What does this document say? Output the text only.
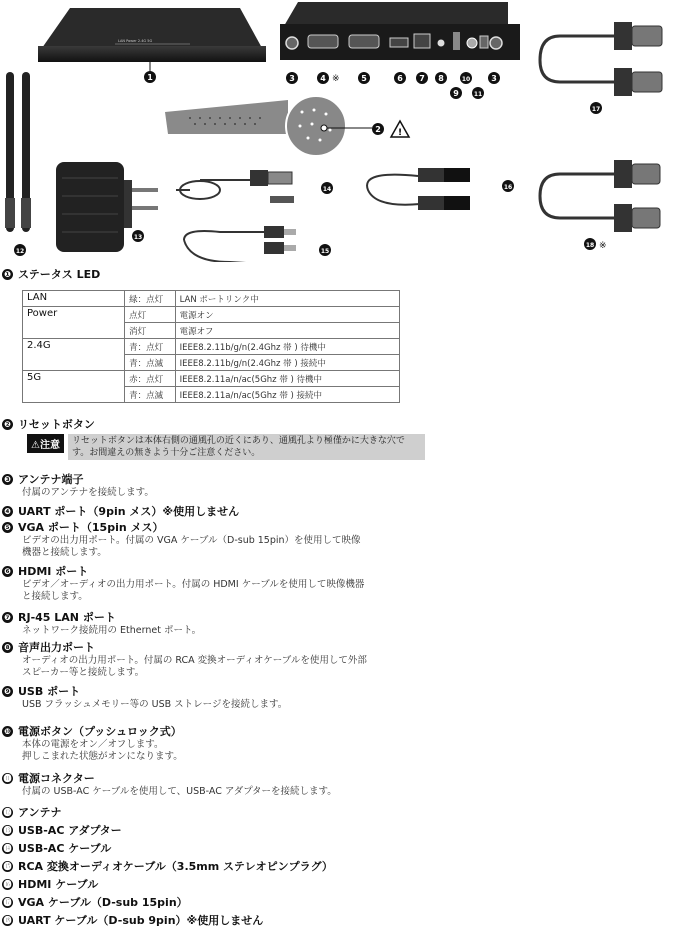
LAN Power 2.4G 5G
1	3	4	5	6 7 8
9
10
11
3
※
2 !
12
13
14
15
16
17
18 ※
❶ ステータス LED
LAN	緑：点灯	LAN ポートリンク中
Power	点灯	電源オン
	消灯	電源オフ
2.4G	青：点灯	IEEE8.2.11b/g/n(2.4Ghz 帯 ) 待機中
	青：点滅	IEEE8.2.11b/g/n(2.4Ghz 帯 ) 接続中
5G	赤：点灯	IEEE8.2.11a/n/ac(5Ghz 帯 ) 待機中
	青：点滅	IEEE8.2.11a/n/ac(5Ghz 帯 ) 接続中
❷ リセットボタン
⚠注意	リセットボタンは本体右側の通風孔の近くにあり、通風孔より極僅かに大きな穴です。お間違えの無きよう十分ご注意ください。
❸ アンテナ端子
付属のアンテナを接続します。
❹ UART ポート（9pin メス）※使用しません
❺ VGA ポート（15pin メス）
ビデオの出力用ポート。付属の VGA ケーブル（D-sub 15pin）を使用して映像
機器と接続します。
❻ HDMI ポート
ビデオ／オーディオの出力用ポート。付属の HDMI ケーブルを使用して映像機器
と接続します。
❼ RJ-45 LAN ポート
ネットワーク接続用の Ethernet ポート。
❽ 音声出力ポート
オーディオの出力用ポート。付属の RCA 変換オーディオケーブルを使用して外部
スピーカー等と接続します。
❾ USB ポート
USB フラッシュメモリー等の USB ストレージを接続します。
❿ 電源ボタン（プッシュロック式）
本体の電源をオン／オフします。
押しこまれた状態がオンになります。
⓫ 電源コネクター
付属の USB-AC ケーブルを使用して、USB-AC アダプターを接続します。
⓬ アンテナ
⓭ USB-AC アダプター
⓮ USB-AC ケーブル
⓯ RCA 変換オーディオケーブル（3.5mm ステレオピンプラグ）
⓰ HDMI ケーブル
⓱ VGA ケーブル（D-sub 15pin）
⓲ UART ケーブル（D-sub 9pin）※使用しません
